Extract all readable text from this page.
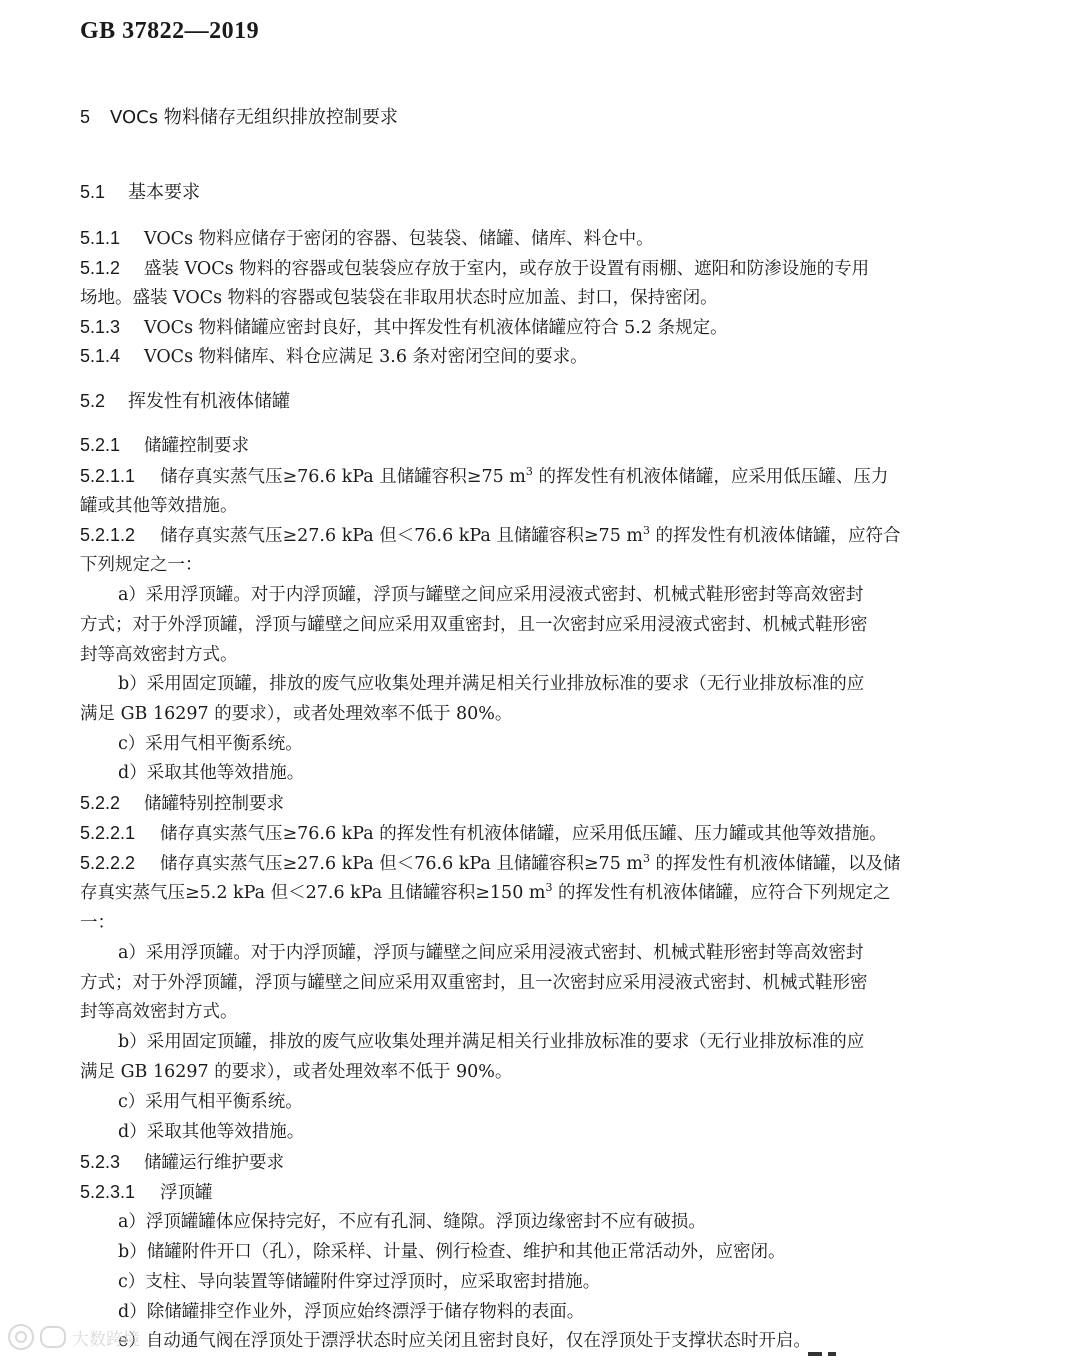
GB 37822—2019
5 VOCs 物料储存无组织排放控制要求
5.1 基本要求
5.1.1 VOCs 物料应储存于密闭的容器、包装袋、储罐、储库、料仓中。
5.1.2 盛装 VOCs 物料的容器或包装袋应存放于室内，或存放于设置有雨棚、遮阳和防渗设施的专用
场地。盛装 VOCs 物料的容器或包装袋在非取用状态时应加盖、封口，保持密闭。
5.1.3 VOCs 物料储罐应密封良好，其中挥发性有机液体储罐应符合 5.2 条规定。
5.1.4 VOCs 物料储库、料仓应满足 3.6 条对密闭空间的要求。
5.2 挥发性有机液体储罐
5.2.1 储罐控制要求
5.2.1.1 储存真实蒸气压≥76.6 kPa 且储罐容积≥75 $m^3$ 的挥发性有机液体储罐，应采用低压罐、压力
罐或其他等效措施。
5.2.1.2 储存真实蒸气压≥27.6 kPa 但＜76.6 kPa 且储罐容积≥75 $m^3$ 的挥发性有机液体储罐，应符合
下列规定之一：
a）采用浮顶罐。对于内浮顶罐，浮顶与罐壁之间应采用浸液式密封、机械式鞋形密封等高效密封
方式；对于外浮顶罐，浮顶与罐壁之间应采用双重密封，且一次密封应采用浸液式密封、机械式鞋形密
封等高效密封方式。
b）采用固定顶罐，排放的废气应收集处理并满足相关行业排放标准的要求（无行业排放标准的应
满足 GB 16297 的要求），或者处理效率不低于 80%。
c）采用气相平衡系统。
d）采取其他等效措施。
5.2.2 储罐特别控制要求
5.2.2.1 储存真实蒸气压≥76.6 kPa 的挥发性有机液体储罐，应采用低压罐、压力罐或其他等效措施。
5.2.2.2 储存真实蒸气压≥27.6 kPa 但＜76.6 kPa 且储罐容积≥75 $m^3$ 的挥发性有机液体储罐，以及储
存真实蒸气压≥5.2 kPa 但＜27.6 kPa 且储罐容积≥150 $m^3$ 的挥发性有机液体储罐，应符合下列规定之
一：
a）采用浮顶罐。对于内浮顶罐，浮顶与罐壁之间应采用浸液式密封、机械式鞋形密封等高效密封
方式；对于外浮顶罐，浮顶与罐壁之间应采用双重密封，且一次密封应采用浸液式密封、机械式鞋形密
封等高效密封方式。
b）采用固定顶罐，排放的废气应收集处理并满足相关行业排放标准的要求（无行业排放标准的应
满足 GB 16297 的要求），或者处理效率不低于 90%。
c）采用气相平衡系统。
d）采取其他等效措施。
5.2.3 储罐运行维护要求
5.2.3.1 浮顶罐
a）浮顶罐罐体应保持完好，不应有孔洞、缝隙。浮顶边缘密封不应有破损。
b）储罐附件开口（孔），除采样、计量、例行检查、维护和其他正常活动外，应密闭。
c）支柱、导向装置等储罐附件穿过浮顶时，应采取密封措施。
d）除储罐排空作业外，浮顶应始终漂浮于储存物料的表面。
e）自动通气阀在浮顶处于漂浮状态时应关闭且密封良好，仅在浮顶处于支撑状态时开启。
大数跨境
